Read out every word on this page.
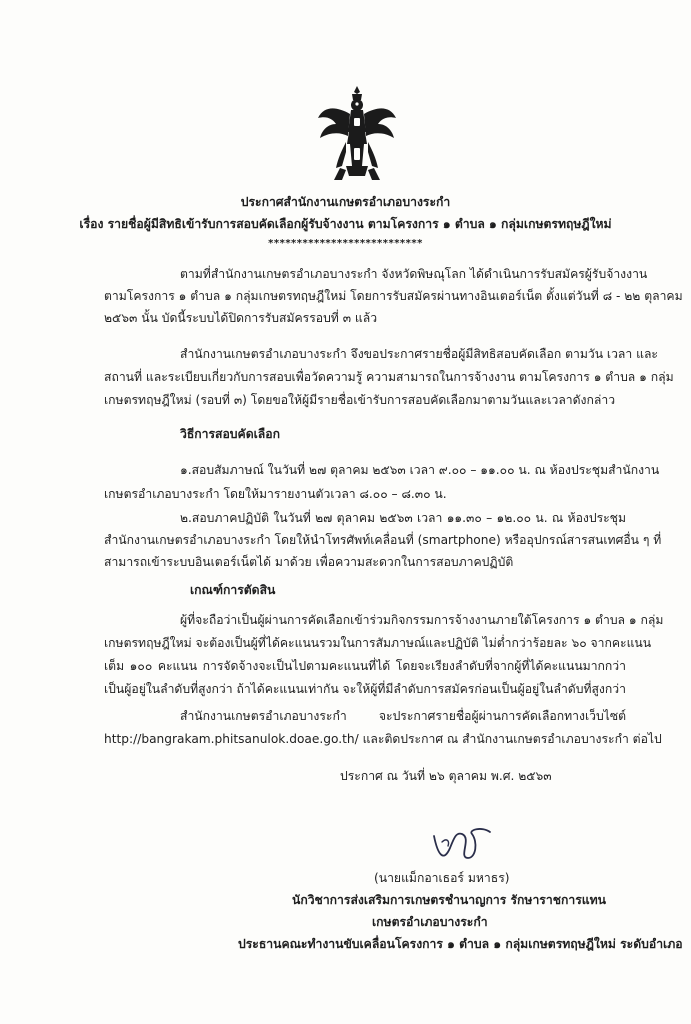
ประกาศสำนักงานเกษตรอำเภอบางระกำ
เรื่อง รายชื่อผู้มีสิทธิเข้ารับการสอบคัดเลือกผู้รับจ้างงาน ตามโครงการ ๑ ตำบล ๑ กลุ่มเกษตรทฤษฎีใหม่
***************************
ตามที่สำนักงานเกษตรอำเภอบางระกำ จังหวัดพิษณุโลก ได้ดำเนินการรับสมัครผู้รับจ้างงาน
ตามโครงการ ๑ ตำบล ๑ กลุ่มเกษตรทฤษฎีใหม่ โดยการรับสมัครผ่านทางอินเตอร์เน็ต ตั้งแต่วันที่ ๘ - ๒๒ ตุลาคม
๒๕๖๓ นั้น บัดนี้ระบบได้ปิดการรับสมัครรอบที่ ๓ แล้ว
สำนักงานเกษตรอำเภอบางระกำ จึงขอประกาศรายชื่อผู้มีสิทธิสอบคัดเลือก ตามวัน เวลา และ
สถานที่ และระเบียบเกี่ยวกับการสอบเพื่อวัดความรู้ ความสามารถในการจ้างงาน ตามโครงการ ๑ ตำบล ๑ กลุ่ม
เกษตรทฤษฎีใหม่ (รอบที่ ๓) โดยขอให้ผู้มีรายชื่อเข้ารับการสอบคัดเลือกมาตามวันและเวลาดังกล่าว
วิธีการสอบคัดเลือก
๑.สอบสัมภาษณ์ ในวันที่ ๒๗ ตุลาคม ๒๕๖๓ เวลา ๙.๐๐ – ๑๑.๐๐ น. ณ ห้องประชุมสำนักงาน
เกษตรอำเภอบางระกำ โดยให้มารายงานตัวเวลา ๘.๐๐ – ๘.๓๐ น.
๒.สอบภาคปฏิบัติ ในวันที่ ๒๗ ตุลาคม ๒๕๖๓ เวลา ๑๑.๓๐ – ๑๒.๐๐ น. ณ ห้องประชุม
สำนักงานเกษตรอำเภอบางระกำ โดยให้นำโทรศัพท์เคลื่อนที่ (smartphone) หรืออุปกรณ์สารสนเทศอื่น ๆ ที่
สามารถเข้าระบบอินเตอร์เน็ตได้ มาด้วย เพื่อความสะดวกในการสอบภาคปฏิบัติ
เกณฑ์การตัดสิน
ผู้ที่จะถือว่าเป็นผู้ผ่านการคัดเลือกเข้าร่วมกิจกรรมการจ้างงานภายใต้โครงการ ๑ ตำบล ๑ กลุ่ม
เกษตรทฤษฎีใหม่ จะต้องเป็นผู้ที่ได้คะแนนรวมในการสัมภาษณ์และปฏิบัติ ไม่ต่ำกว่าร้อยละ ๖๐ จากคะแนน
เต็ม ๑๐๐ คะแนน การจัดจ้างจะเป็นไปตามคะแนนที่ได้ โดยจะเรียงลำดับที่จากผู้ที่ได้คะแนนมากกว่า
เป็นผู้อยู่ในลำดับที่สูงกว่า ถ้าได้คะแนนเท่ากัน จะให้ผู้ที่มีลำดับการสมัครก่อนเป็นผู้อยู่ในลำดับที่สูงกว่า
สำนักงานเกษตรอำเภอบางระกำ จะประกาศรายชื่อผู้ผ่านการคัดเลือกทางเว็บไซต์
http://bangrakam.phitsanulok.doae.go.th/ และติดประกาศ ณ สำนักงานเกษตรอำเภอบางระกำ ต่อไป
ประกาศ ณ วันที่ ๒๖ ตุลาคม พ.ศ. ๒๕๖๓
(นายแม็กอาเธอร์ มหาธร)
นักวิชาการส่งเสริมการเกษตรชำนาญการ รักษาราชการแทน
เกษตรอำเภอบางระกำ
ประธานคณะทำงานขับเคลื่อนโครงการ ๑ ตำบล ๑ กลุ่มเกษตรทฤษฎีใหม่ ระดับอำเภอ
